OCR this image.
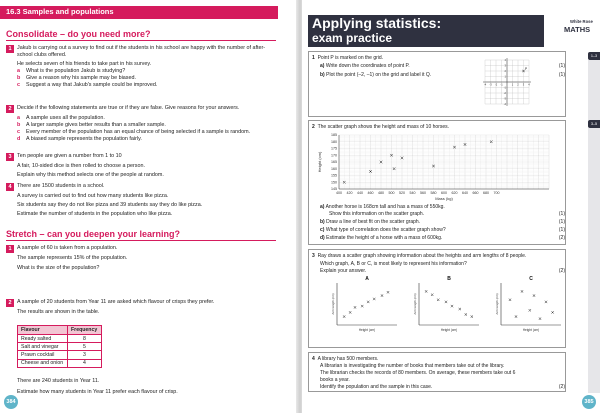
16.3 Samples and populations
Consolidate – do you need more?
1 Jakub is carrying out a survey to find out if the students in his school are happy with the number of after-school clubs offered.
He selects seven of his friends to take part in his survey.
a What is the population Jakub is studying?
b Give a reason why his sample may be biased.
c Suggest a way that Jakub's sample could be improved.
2 Decide if the following statements are true or if they are false. Give reasons for your answers.
a A sample uses all the population.
b A larger sample gives better results than a smaller sample.
c Every member of the population has an equal chance of being selected if a sample is random.
d A biased sample represents the population fairly.
3 Ten people are given a number from 1 to 10
A fair, 10-sided dice is then rolled to choose a person.
Explain why this method selects one of the people at random.
4 There are 1500 students in a school.
A survey is carried out to find out how many students like pizza.
Six students say they do not like pizza and 39 students say they do like pizza.
Estimate the number of students in the population who like pizza.
Stretch – can you deepen your learning?
1 A sample of 60 is taken from a population.
The sample represents 15% of the population.
What is the size of the population?
2 A sample of 20 students from Year 11 are asked which flavour of crisps they prefer.
The results are shown in the table.
Flavour	Frequency
Ready salted	8
Salt and vinegar	5
Prawn cocktail	3
Cheese and onion	4
There are 240 students in Year 11.
Estimate how many students in Year 11 prefer each flavour of crisp.
384
Applying statistics:
exam practice
White Rose
MATHS
1–3
3–5
1 Point P is marked on the grid.
a) Write down the coordinates of point P.	(1)
b) Plot the point (–2, –1) on the grid and label it Q.	(1)
-4 -3 -2 -1	1 2 3 4
4
3
2
1
-1
-2
-3
-4
P
2 The scatter graph shows the height and mass of 10 horses.
400 420 440 460 480 500 520 540 560 580 600 620 640 660 680 700
145
150
155
160
165
170
175
180
185
Mass (kg)
Height (cm)
a) Another horse is 168cm tall and has a mass of 550kg.
Show this information on the scatter graph.	(1)
b) Draw a line of best fit on the scatter graph.	(1)
c) What type of correlation does the scatter graph show?	(1)
d) Estimate the height of a horse with a mass of 600kg.	(2)
3 Ray draws a scatter graph showing information about the heights and arm lengths of 8 people.
Which graph, A, B or C, is most likely to represent his information?
Explain your answer.	(2)
A
Arm length (cm)
Height (cm)
B
Arm length (cm)
Height (cm)
C
Arm length (cm)
Height (cm)
4 A library has 500 members.
A librarian is investigating the number of books that members take out of the library.
The librarian checks the records of 80 members. On average, these members take out 6 books a year.
Identify the population and the sample in this case.	(2)
385
